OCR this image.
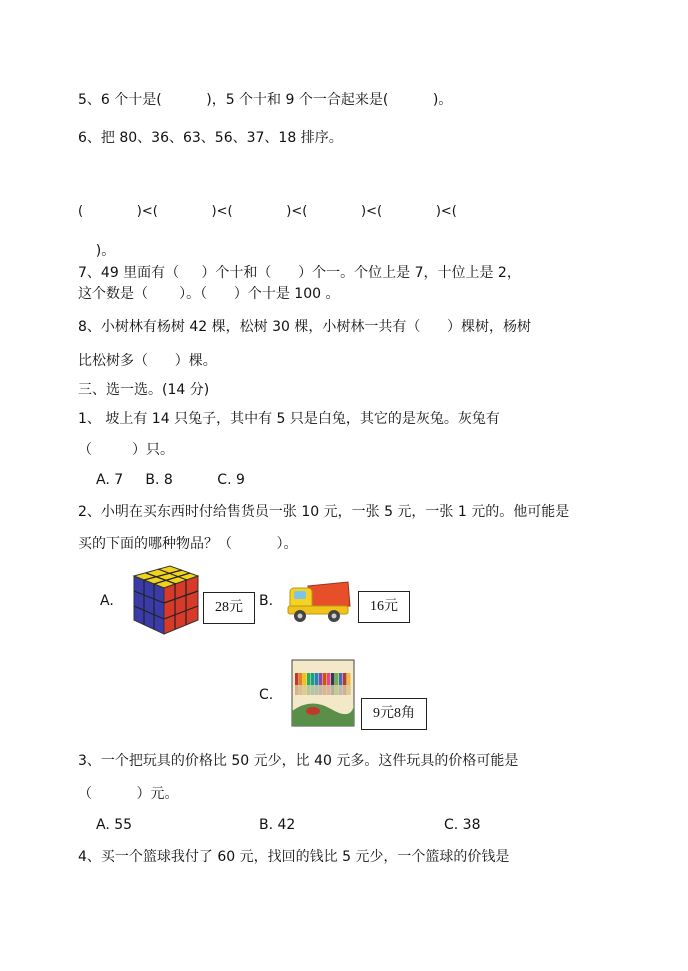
5、6 个十是(          )，5 个十和 9 个一合起来是(          )。
6、把 80、36、63、56、37、18 排序。
(             )<(             )<(             )<(             )<(             )<(
)。
7、49 里面有（     ）个十和（      ）个一。个位上是 7，十位上是 2，
这个数是（       ）。（      ）个十是 100 。
8、小树林有杨树 42 棵，松树 30 棵，小树林一共有（      ）棵树，杨树
比松树多（      ）棵。
三、选一选。(14 分)
1、 坡上有 14 只兔子，其中有 5 只是白兔，其它的是灰兔。灰兔有
（         ）只。
A. 7     B. 8          C. 9
2、小明在买东西时付给售货员一张 10 元，一张 5 元，一张 1 元的。他可能是
买的下面的哪种物品？（          ）。
A.	28元	B.	16元
C.
9元8角
3、一个把玩具的价格比 50 元少，比 40 元多。这件玩具的价格可能是
（          ）元。
A. 55	B. 42	C. 38
4、买一个篮球我付了 60 元，找回的钱比 5 元少，一个篮球的价钱是
